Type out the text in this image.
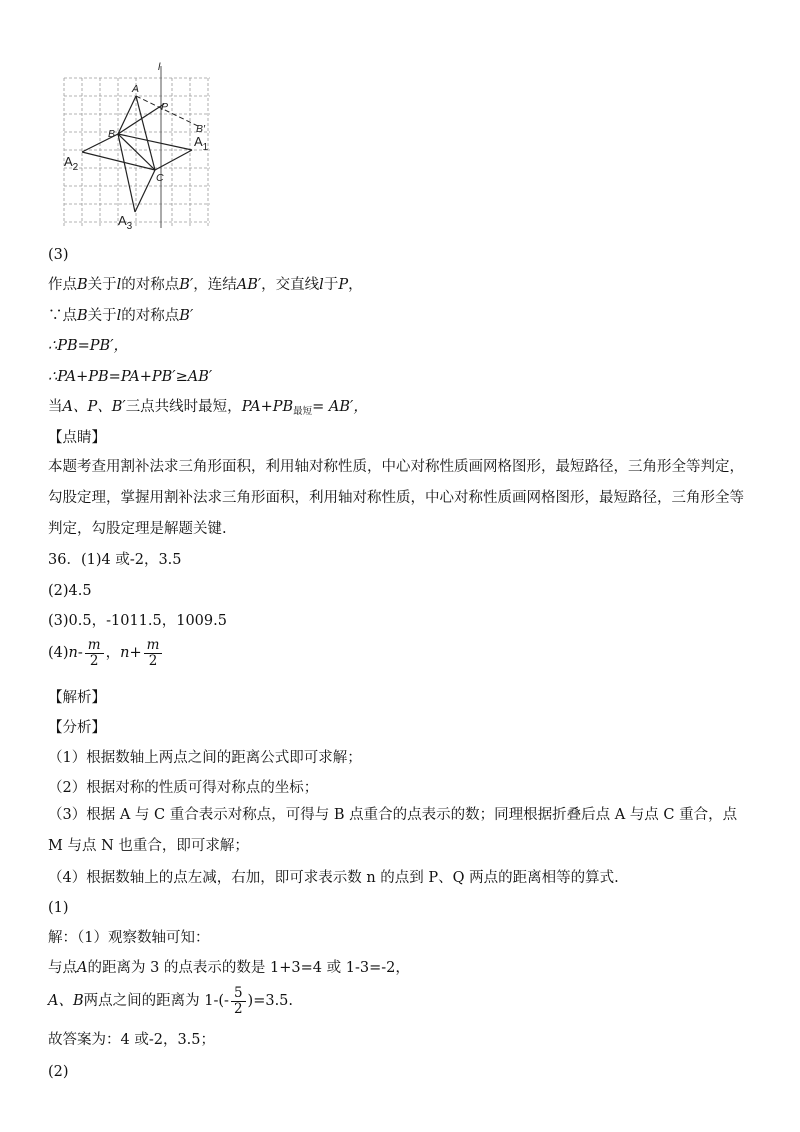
l
A
P
B′
B	$A_1$
$A_2$
C
$A_3$
(3)
作点B关于l的对称点B′，连结AB′，交直线l于P，
∵点B关于l的对称点B′
∴PB=PB′，
∴PA+PB=PA+PB′≥AB′
当A、P、B′三点共线时最短，$PA+PB_{最短}= AB'$，
【点睛】
本题考查用割补法求三角形面积，利用轴对称性质，中心对称性质画网格图形，最短路径，三角形全等判定，勾股定理，掌握用割补法求三角形面积，利用轴对称性质，中心对称性质画网格图形，最短路径，三角形全等判定，勾股定理是解题关键.
36．(1)4 或-2，3.5
(2)4.5
(3)0.5，-1011.5，1009.5
$(4)n- \frac{m}{2}$ ，$n+ \frac{m}{2}$
【解析】
【分析】
（1）根据数轴上两点之间的距离公式即可求解；
（2）根据对称的性质可得对称点的坐标；
（3）根据 A 与 C 重合表示对称点，可得与 B 点重合的点表示的数；同理根据折叠后点 A 与点 C 重合，点 M 与点 N 也重合，即可求解；
（4）根据数轴上的点左减，右加，即可求表示数 n 的点到 P、Q 两点的距离相等的算式.
(1)
解：（1）观察数轴可知：
与点A的距离为 3 的点表示的数是 1+3=4 或 1-3=-2，
A、B两点之间的距离为 $1-(- \frac{5}{2} )=3.5$.
故答案为：4 或-2，3.5；
(2)
